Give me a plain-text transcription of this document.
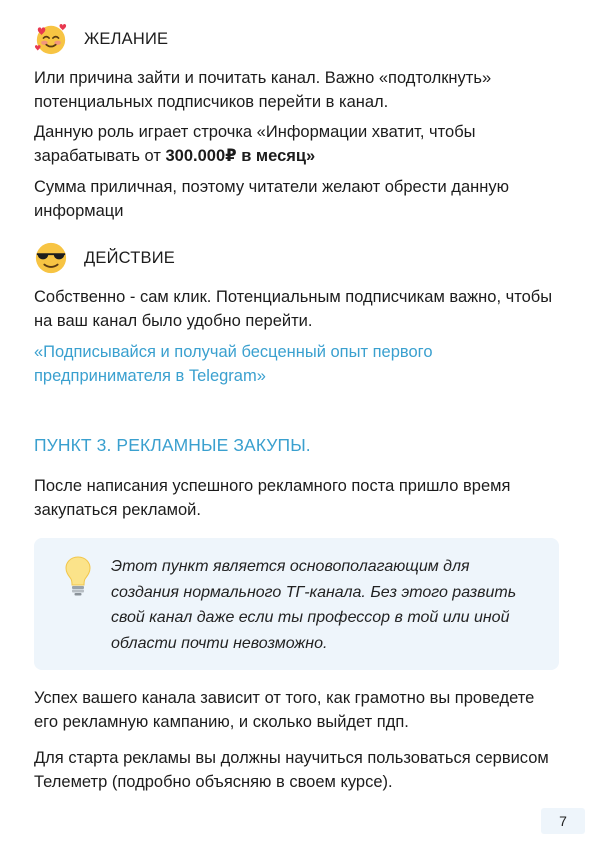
ЖЕЛАНИЕ

Или причина зайти и почитать канал. Важно «подтолкнуть» потенциальных подписчиков перейти в канал.

Данную роль играет строчка «Информации хватит, чтобы зарабатывать от 300.000₽ в месяц»

Сумма приличная, поэтому читатели желают обрести данную информаци

ДЕЙСТВИЕ

Собственно - сам клик. Потенциальным подписчикам важно, чтобы на ваш канал было удобно перейти.

«Подписывайся и получай бесценный опыт первого предпринимателя в Telegram»

ПУНКТ 3. РЕКЛАМНЫЕ ЗАКУПЫ.

После написания успешного рекламного поста пришло время закупаться рекламой.

Этот пункт является основополагающим для создания нормального ТГ-канала. Без этого развить свой канал даже если ты профессор в той или иной области почти невозможно.

Успех вашего канала зависит от того, как грамотно вы проведете его рекламную кампанию, и сколько выйдет пдп.

Для старта рекламы вы должны научиться пользоваться сервисом Телеметр (подробно объясняю в своем курсе).

7
